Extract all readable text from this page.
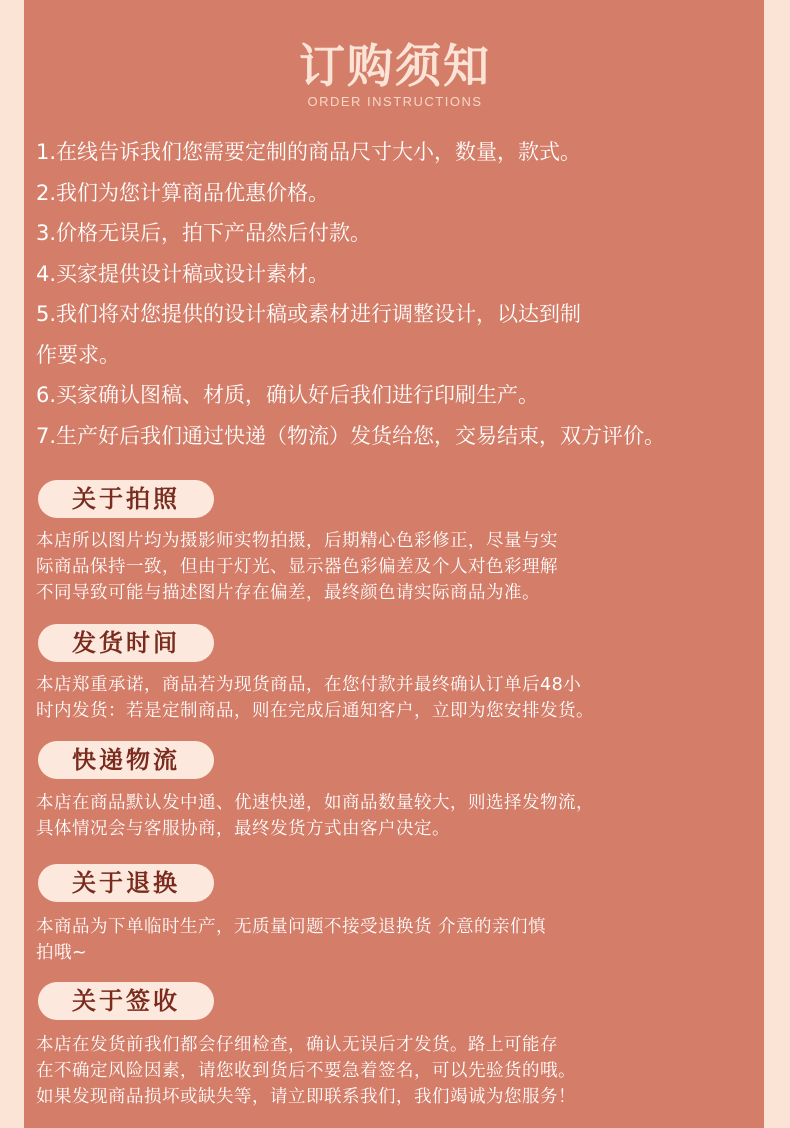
订购须知
ORDER INSTRUCTIONS
1.在线告诉我们您需要定制的商品尺寸大小，数量，款式。
2.我们为您计算商品优惠价格。
3.价格无误后，拍下产品然后付款。
4.买家提供设计稿或设计素材。
5.我们将对您提供的设计稿或素材进行调整设计，以达到制
作要求。
6.买家确认图稿、材质，确认好后我们进行印刷生产。
7.生产好后我们通过快递（物流）发货给您，交易结束，双方评价。
关于拍照
本店所以图片均为摄影师实物拍摄，后期精心色彩修正，尽量与实
际商品保持一致，但由于灯光、显示器色彩偏差及个人对色彩理解
不同导致可能与描述图片存在偏差，最终颜色请实际商品为准。
发货时间
本店郑重承诺，商品若为现货商品，在您付款并最终确认订单后48小
时内发货：若是定制商品，则在完成后通知客户，立即为您安排发货。
快递物流
本店在商品默认发中通、优速快递，如商品数量较大，则选择发物流，
具体情况会与客服协商，最终发货方式由客户决定。
关于退换
本商品为下单临时生产，无质量问题不接受退换货 介意的亲们慎
拍哦~
关于签收
本店在发货前我们都会仔细检查，确认无误后才发货。路上可能存
在不确定风险因素，请您收到货后不要急着签名，可以先验货的哦。
如果发现商品损坏或缺失等，请立即联系我们，我们竭诚为您服务！
